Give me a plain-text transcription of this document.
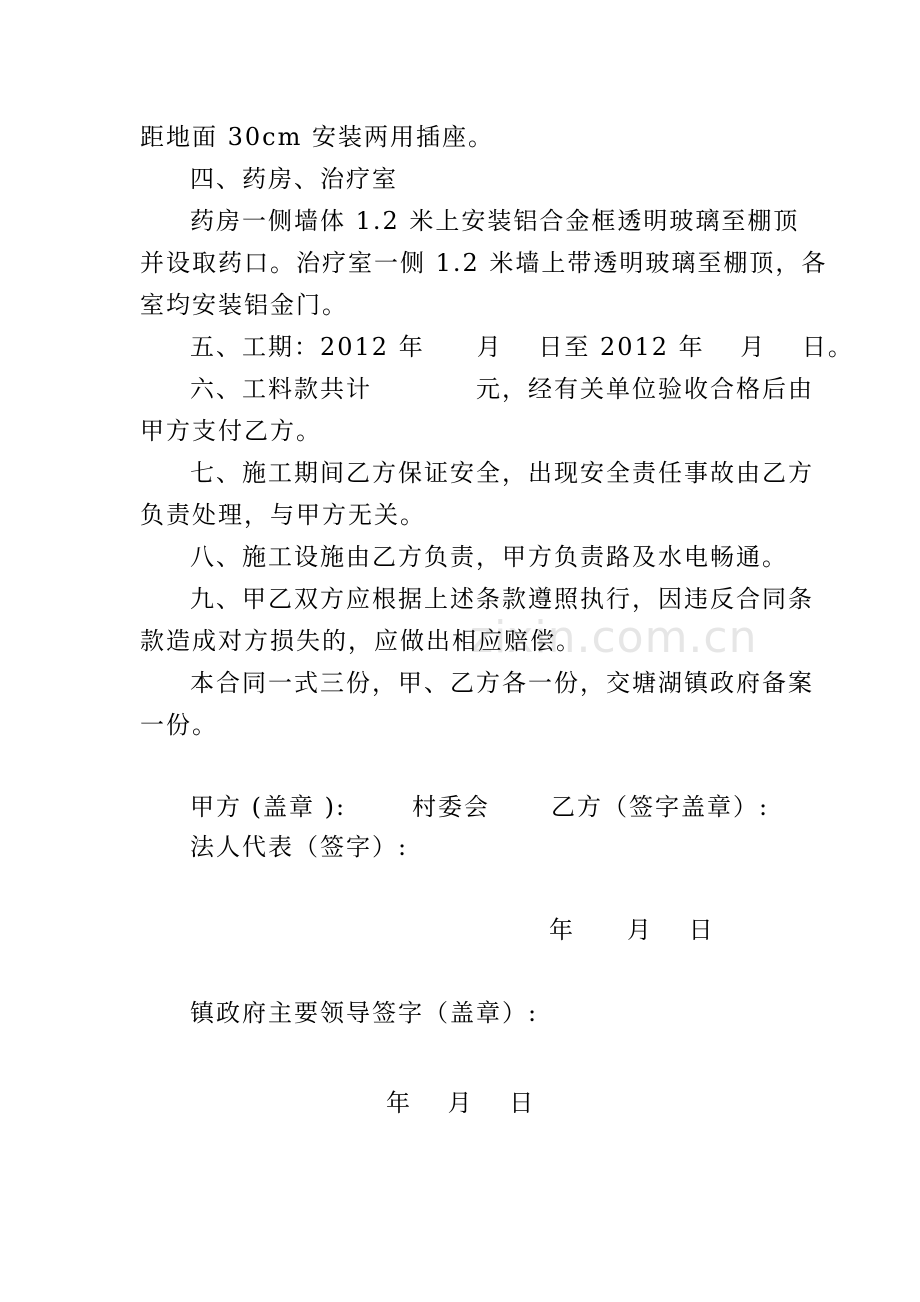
zixin.com.cn
距地面 30cm 安装两用插座。
四、药房、治疗室
药房一侧墙体 1.2 米上安装铝合金框透明玻璃至棚顶
并设取药口。治疗室一侧 1.2 米墙上带透明玻璃至棚顶，各
室均安装铝金门。
五、工期：2012 年　　月　 日至 2012 年　 月　 日。
六、工料款共计　　　　元，经有关单位验收合格后由
甲方支付乙方。
七、施工期间乙方保证安全，出现安全责任事故由乙方
负责处理，与甲方无关。
八、施工设施由乙方负责，甲方负责路及水电畅通。
九、甲乙双方应根据上述条款遵照执行，因违反合同条
款造成对方损失的，应做出相应赔偿。
本合同一式三份，甲、乙方各一份，交塘湖镇政府备案
一份。
甲方 (盖章 ):	村委会	乙方（签字盖章）:
法人代表（签字）:
年　　月　 日
镇政府主要领导签字（盖章）:
年　 月　 日
